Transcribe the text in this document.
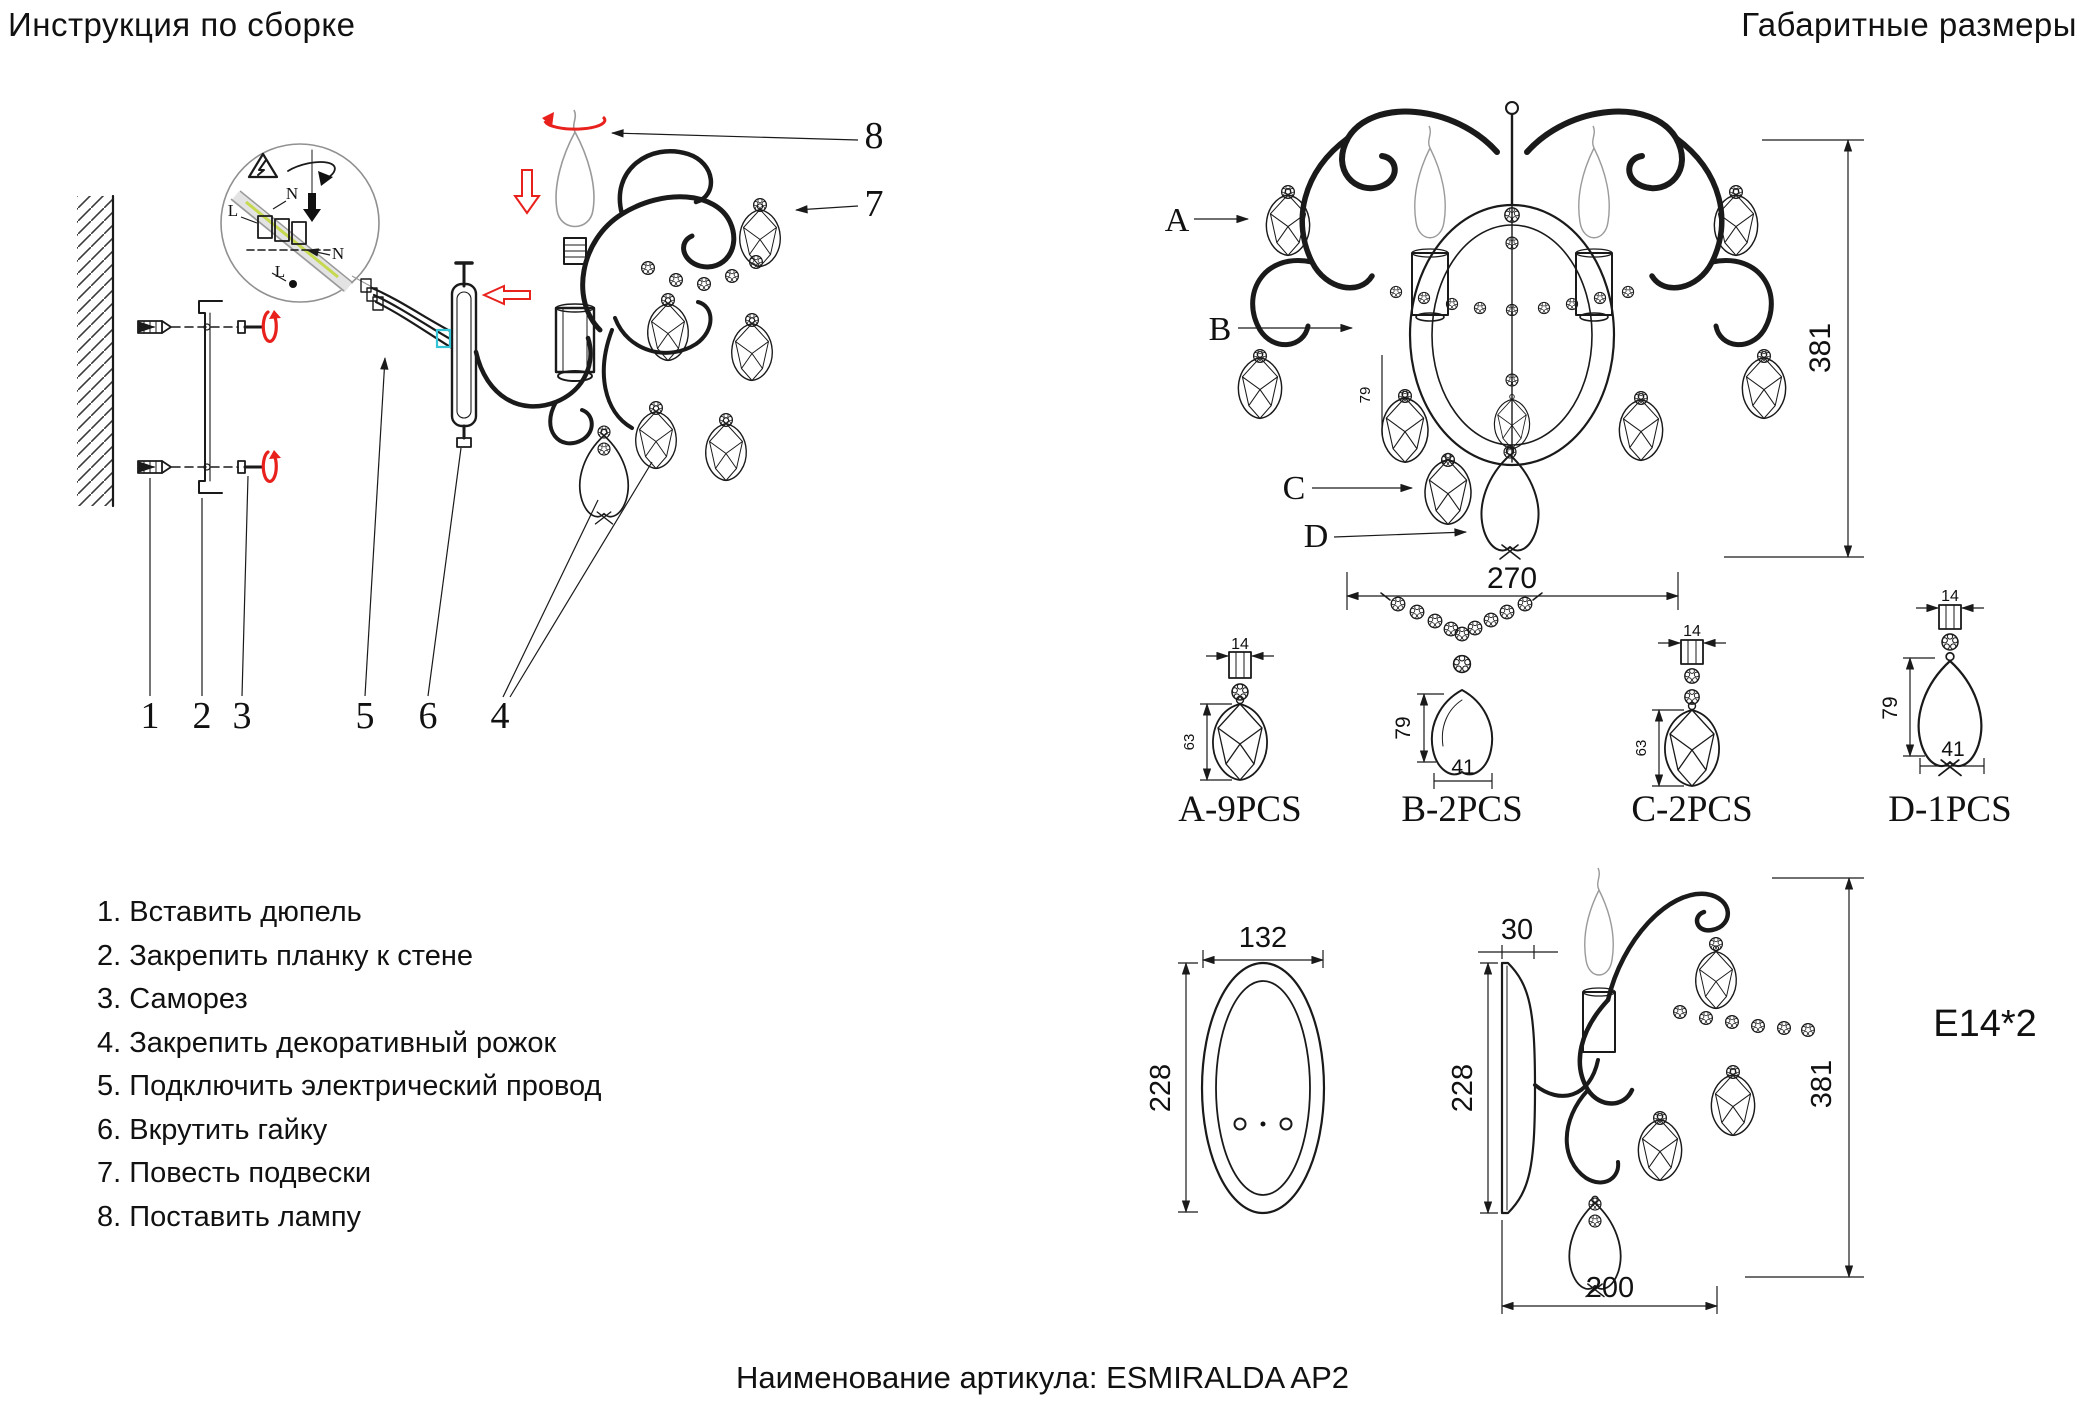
Инструкция по сборке	Габаритные размеры
N
L
N
L
1 2 3	5 6 4
7
8
79
A
B
C
D
381
270
14
63
A-9PCS
79
41
B-2PCS
14
63
C-2PCS
14
79
41
D-1PCS
132
228
30
228	381
200
E14*2
1. Вставить дюпель
2. Закрепить планку к стене
3. Саморез
4. Закрепить декоративный рожок
5. Подключить электрический провод
6. Вкрутить гайку
7. Повесть подвески
8. Поставить лампу
Наименование артикула: ESMIRALDA AP2
